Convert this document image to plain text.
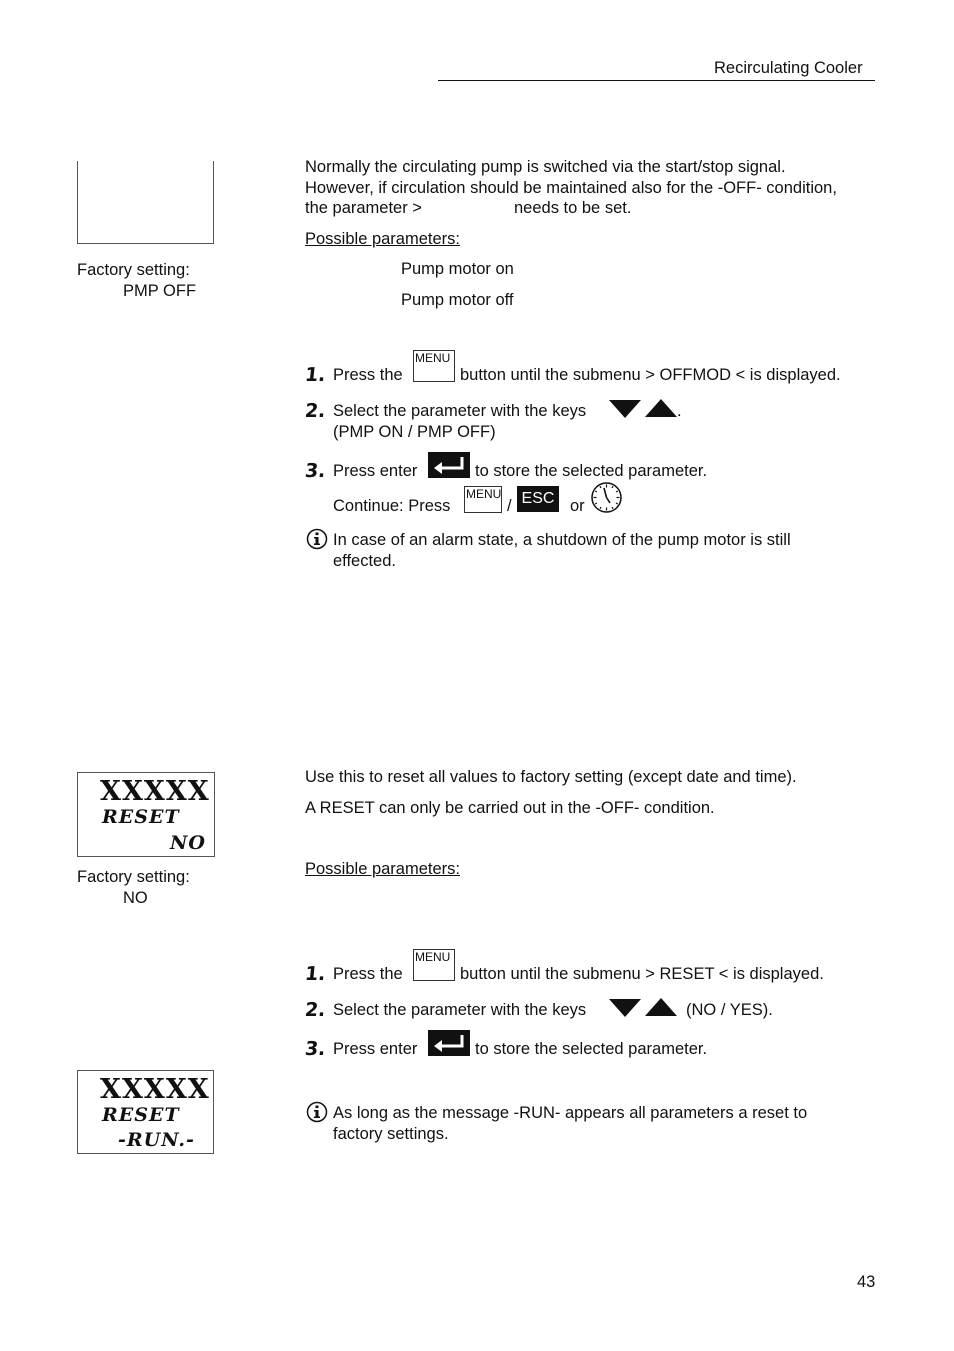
Recirculating Cooler
Factory setting:
PMP OFF
Normally the circulating pump is switched via the start/stop signal.
However, if circulation should be maintained also for the -OFF- condition,
the parameter >	needs to be set.
Possible parameters:
Pump motor on
Pump motor off
1. Press the
MENU
button until the submenu > OFFMOD < is displayed.
2. Select the parameter with the keys	.
(PMP ON / PMP OFF)
3. Press enter	to store the selected parameter.
Continue: Press
MENU
/ ESC or
In case of an alarm state, a shutdown of the pump motor is still
effected.
XXXXX
RESET
NO
Factory setting:
NO
Use this to reset all values to factory setting (except date and time).
A RESET can only be carried out in the -OFF- condition.
Possible parameters:
1. Press the
MENU
button until the submenu > RESET < is displayed.
2. Select the parameter with the keys	(NO / YES).
3. Press enter	to store the selected parameter.
XXXXX
RESET
-RUN.-
As long as the message -RUN- appears all parameters a reset to
factory settings.
43
